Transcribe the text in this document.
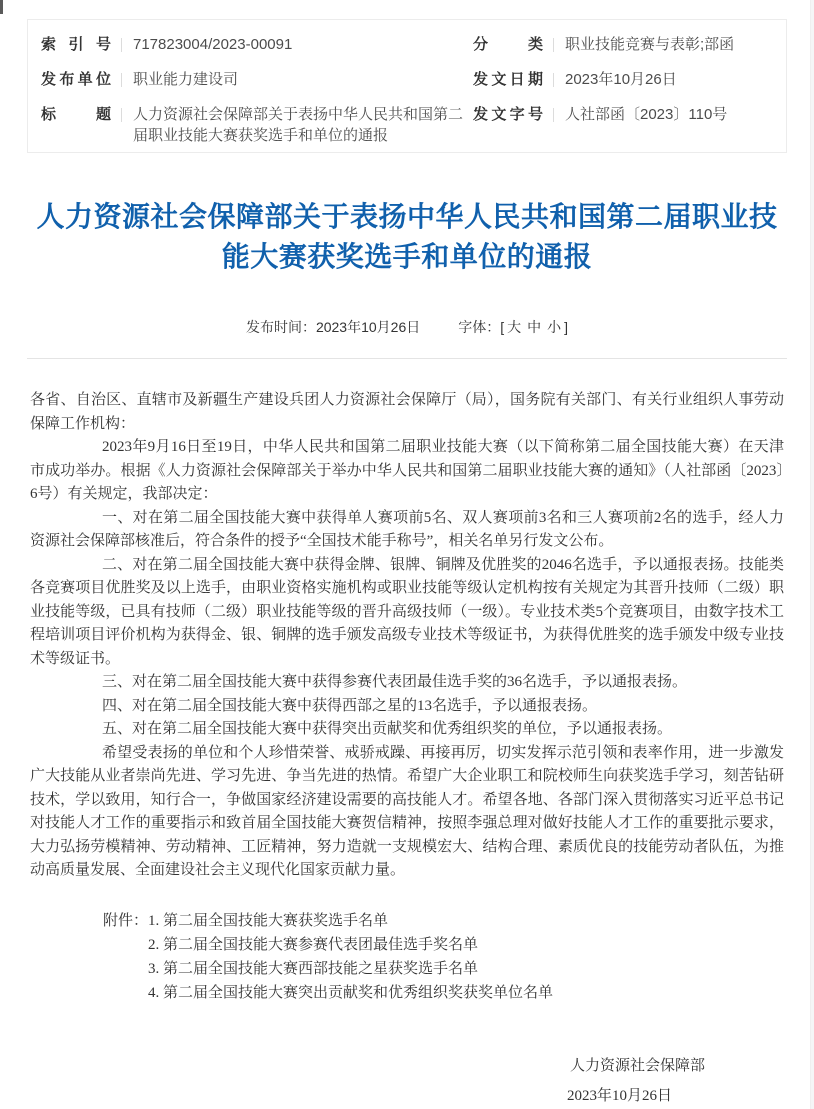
索引号 717823004/2023-00091
发布单位 职业能力建设司
标题 人力资源社会保障部关于表扬中华人民共和国第二届职业技能大赛获奖选手和单位的通报
分类 职业技能竞赛与表彰;部函
发文日期 2023年10月26日
发文字号 人社部函〔2023〕110号
人力资源社会保障部关于表扬中华人民共和国第二届职业技能大赛获奖选手和单位的通报
发布时间：2023年10月26日	字体：[ 大 中 小 ]

各省、自治区、直辖市及新疆生产建设兵团人力资源社会保障厅（局），国务院有关部门、有关行业组织人事劳动保障工作机构：

2023年9月16日至19日，中华人民共和国第二届职业技能大赛（以下简称第二届全国技能大赛）在天津市成功举办。根据《人力资源社会保障部关于举办中华人民共和国第二届职业技能大赛的通知》（人社部函〔2023〕6号）有关规定，我部决定：

一、对在第二届全国技能大赛中获得单人赛项前5名、双人赛项前3名和三人赛项前2名的选手，经人力资源社会保障部核准后，符合条件的授予“全国技术能手称号”，相关名单另行发文公布。

二、对在第二届全国技能大赛中获得金牌、银牌、铜牌及优胜奖的2046名选手，予以通报表扬。技能类各竞赛项目优胜奖及以上选手，由职业资格实施机构或职业技能等级认定机构按有关规定为其晋升技师（二级）职业技能等级，已具有技师（二级）职业技能等级的晋升高级技师（一级）。专业技术类5个竞赛项目，由数字技术工程培训项目评价机构为获得金、银、铜牌的选手颁发高级专业技术等级证书，为获得优胜奖的选手颁发中级专业技术等级证书。

三、对在第二届全国技能大赛中获得参赛代表团最佳选手奖的36名选手，予以通报表扬。

四、对在第二届全国技能大赛中获得西部之星的13名选手，予以通报表扬。

五、对在第二届全国技能大赛中获得突出贡献奖和优秀组织奖的单位，予以通报表扬。

希望受表扬的单位和个人珍惜荣誉、戒骄戒躁、再接再厉，切实发挥示范引领和表率作用，进一步激发广大技能从业者崇尚先进、学习先进、争当先进的热情。希望广大企业职工和院校师生向获奖选手学习，刻苦钻研技术，学以致用，知行合一，争做国家经济建设需要的高技能人才。希望各地、各部门深入贯彻落实习近平总书记对技能人才工作的重要指示和致首届全国技能大赛贺信精神，按照李强总理对做好技能人才工作的重要批示要求，大力弘扬劳模精神、劳动精神、工匠精神，努力造就一支规模宏大、结构合理、素质优良的技能劳动者队伍，为推动高质量发展、全面建设社会主义现代化国家贡献力量。

附件：1. 第二届全国技能大赛获奖选手名单
2. 第二届全国技能大赛参赛代表团最佳选手奖名单
3. 第二届全国技能大赛西部技能之星获奖选手名单
4. 第二届全国技能大赛突出贡献奖和优秀组织奖获奖单位名单
人力资源社会保障部
2023年10月26日
